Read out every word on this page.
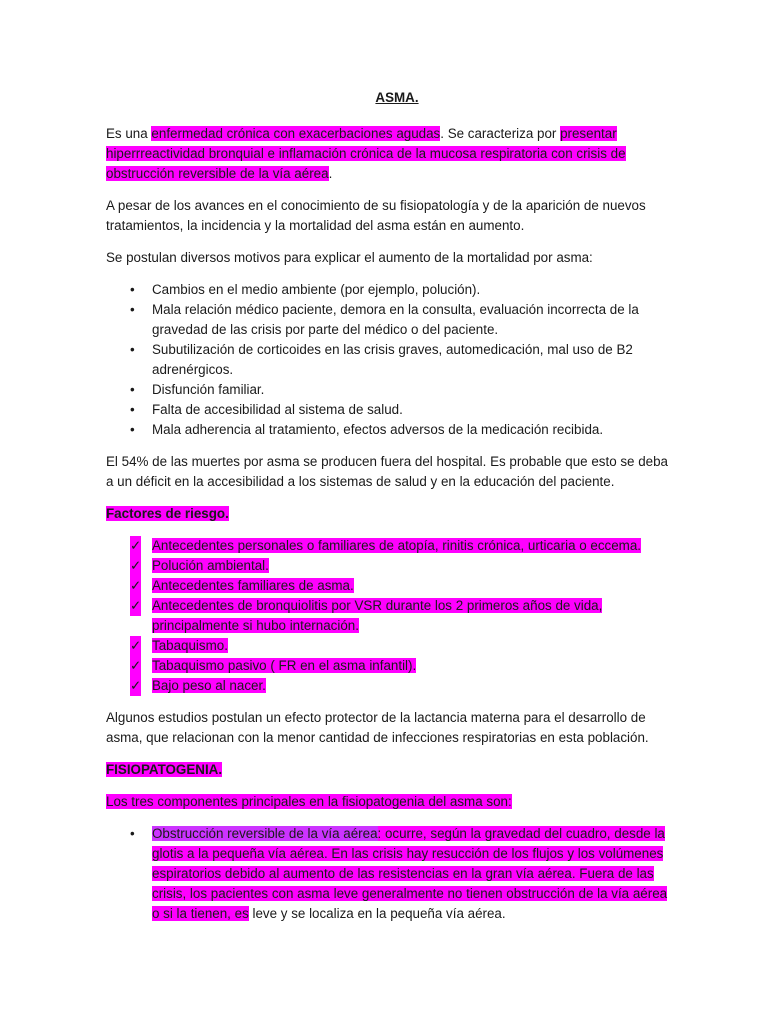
ASMA.

Es una enfermedad crónica con exacerbaciones agudas. Se caracteriza por presentar hiperrreactividad bronquial e inflamación crónica de la mucosa respiratoria con crisis de obstrucción reversible de la vía aérea.

A pesar de los avances en el conocimiento de su fisiopatología y de la aparición de nuevos tratamientos, la incidencia y la mortalidad del asma están en aumento.

Se postulan diversos motivos para explicar el aumento de la mortalidad por asma:

• Cambios en el medio ambiente (por ejemplo, polución).
• Mala relación médico paciente, demora en la consulta, evaluación incorrecta de la gravedad de las crisis por parte del médico o del paciente.
• Subutilización de corticoides en las crisis graves, automedicación, mal uso de B2 adrenérgicos.
• Disfunción familiar.
• Falta de accesibilidad al sistema de salud.
• Mala adherencia al tratamiento, efectos adversos de la medicación recibida.

El 54% de las muertes por asma se producen fuera del hospital. Es probable que esto se deba a un déficit en la accesibilidad a los sistemas de salud y en la educación del paciente.

Factores de riesgo.

✓ Antecedentes personales o familiares de atopía, rinitis crónica, urticaria o eccema.
✓ Polución ambiental.
✓ Antecedentes familiares de asma.
✓ Antecedentes de bronquiolitis por VSR durante los 2 primeros años de vida, principalmente si hubo internación.
✓ Tabaquismo.
✓ Tabaquismo pasivo ( FR en el asma infantil).
✓ Bajo peso al nacer.

Algunos estudios postulan un efecto protector de la lactancia materna para el desarrollo de asma, que relacionan con la menor cantidad de infecciones respiratorias en esta población.

FISIOPATOGENIA.

Los tres componentes principales en la fisiopatogenia del asma son:

• Obstrucción reversible de la vía aérea: ocurre, según la gravedad del cuadro, desde la glotis a la pequeña vía aérea. En las crisis hay resucción de los flujos y los volúmenes espiratorios debido al aumento de las resistencias en la gran vía aérea. Fuera de las crisis, los pacientes con asma leve generalmente no tienen obstrucción de la vía aérea o si la tienen, es leve y se localiza en la pequeña vía aérea.
